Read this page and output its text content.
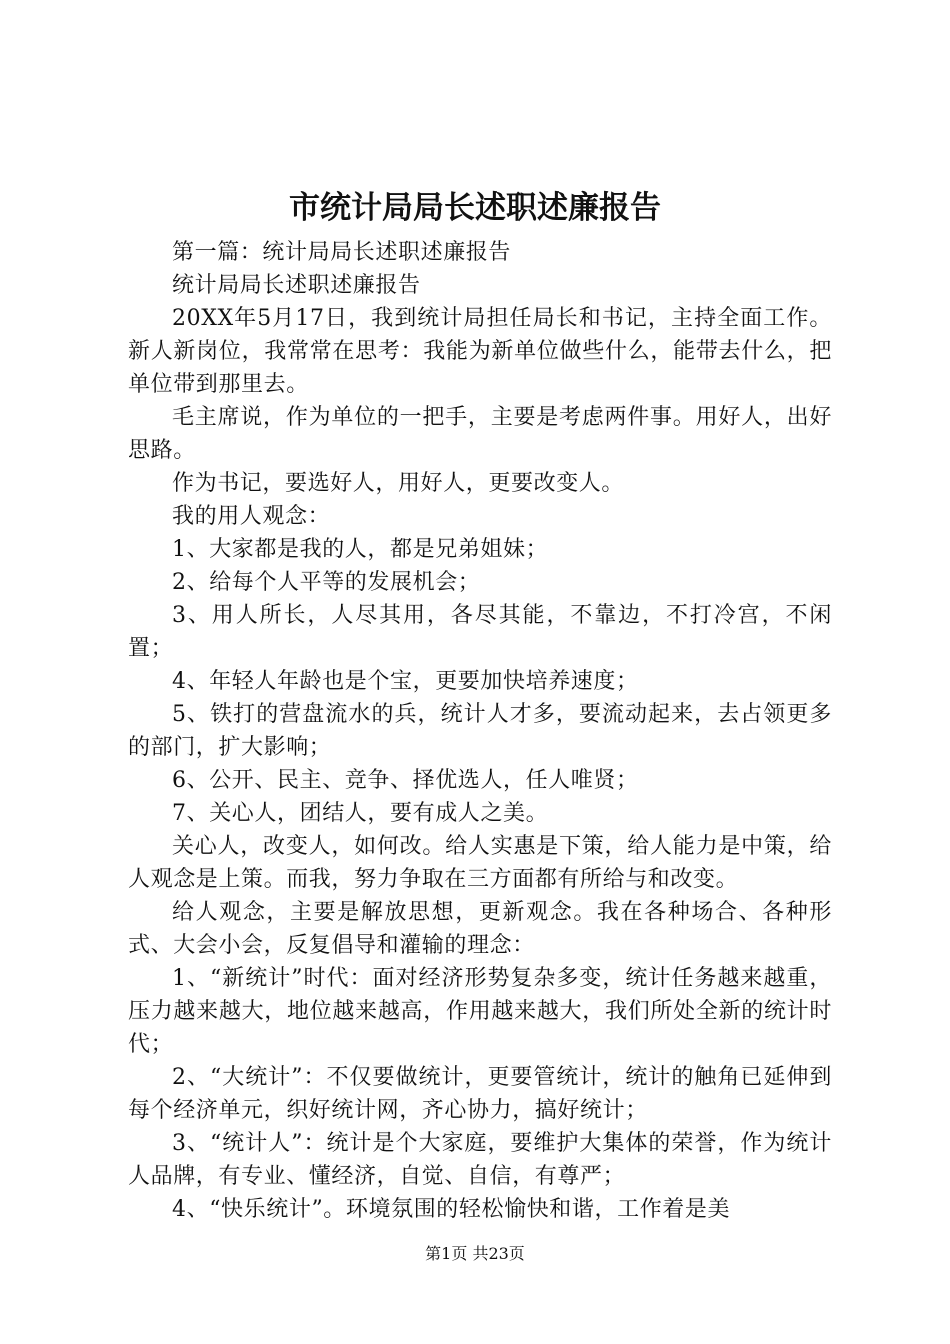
市统计局局长述职述廉报告

第一篇：统计局局长述职述廉报告

统计局局长述职述廉报告

20XX年5月17日，我到统计局担任局长和书记，主持全面工作。新人新岗位，我常常在思考：我能为新单位做些什么，能带去什么，把单位带到那里去。

毛主席说，作为单位的一把手，主要是考虑两件事。用好人，出好思路。

作为书记，要选好人，用好人，更要改变人。

我的用人观念：

1、大家都是我的人，都是兄弟姐妹；

2、给每个人平等的发展机会；

3、用人所长，人尽其用，各尽其能，不靠边，不打冷宫，不闲置；

4、年轻人年龄也是个宝，更要加快培养速度；

5、铁打的营盘流水的兵，统计人才多，要流动起来，去占领更多的部门，扩大影响；

6、公开、民主、竞争、择优选人，任人唯贤；

7、关心人，团结人，要有成人之美。

关心人，改变人，如何改。给人实惠是下策，给人能力是中策，给人观念是上策。而我，努力争取在三方面都有所给与和改变。

给人观念，主要是解放思想，更新观念。我在各种场合、各种形式、大会小会，反复倡导和灌输的理念：

1、“新统计”时代：面对经济形势复杂多变，统计任务越来越重，压力越来越大，地位越来越高，作用越来越大，我们所处全新的统计时代；

2、“大统计”：不仅要做统计，更要管统计，统计的触角已延伸到每个经济单元，织好统计网，齐心协力，搞好统计；

3、“统计人”：统计是个大家庭，要维护大集体的荣誉，作为统计人品牌，有专业、懂经济，自觉、自信，有尊严；

4、“快乐统计”。环境氛围的轻松愉快和谐，工作着是美

第1页 共23页
